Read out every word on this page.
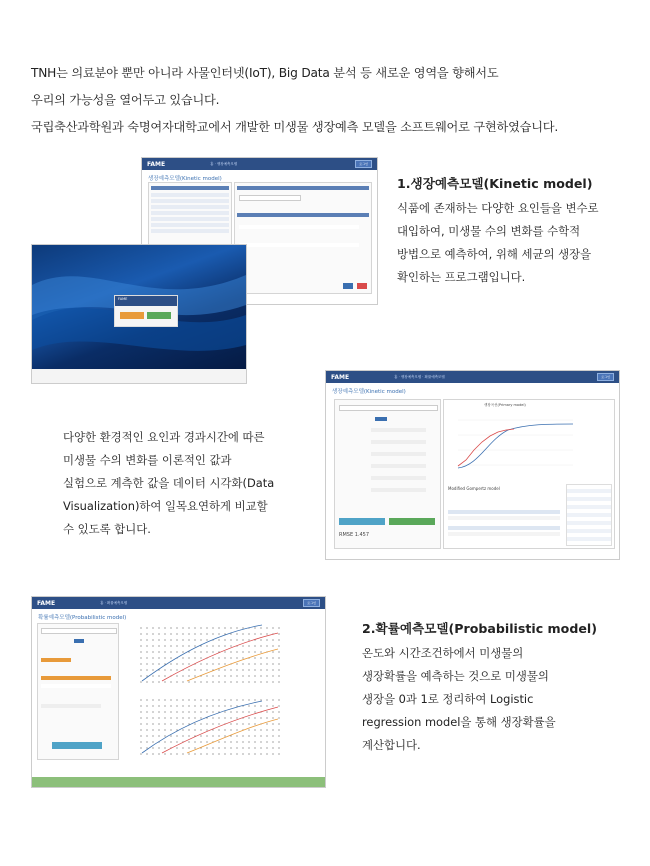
TNH는 의료분야 뿐만 아니라 사물인터넷(IoT), Big Data 분석 등 새로운 영역을 향해서도

우리의 가능성을 열어두고 있습니다.

국립축산과학원과 숙명여자대학교에서 개발한 미생물 생장예측 모델을 소프트웨어로 구현하였습니다.

FAME	홈 · 생장예측모델	로그인
생장예측모델(Kinetic model)
FAME

1.생장예측모델(Kinetic model)

식품에 존재하는 다양한 요인들을 변수로

대입하여, 미생물 수의 변화를 수학적

방법으로 예측하여, 위해 세균의 생장을

확인하는 프로그램입니다.

FAME	홈 · 생장예측모델 · 확률예측모델	로그인
생장예측모델(Kinetic model)
RMSE 1.457
생장곡선(Primary model)
Modified Gompertz model

다양한 환경적인 요인과 경과시간에 따른

미생물 수의 변화를 이론적인 값과

실험으로 계측한 값을 데이터 시각화(Data

Visualization)하여 일목요연하게 비교할

수 있도록 합니다.

FAME	홈 · 확률예측모델	로그인
확률예측모델(Probabilistic model)

2.확률예측모델(Probabilistic model)

온도와 시간조건하에서 미생물의

생장확률을 예측하는 것으로 미생물의

생장을 0과 1로 정리하여 Logistic

regression model을 통해 생장확률을

계산합니다.
